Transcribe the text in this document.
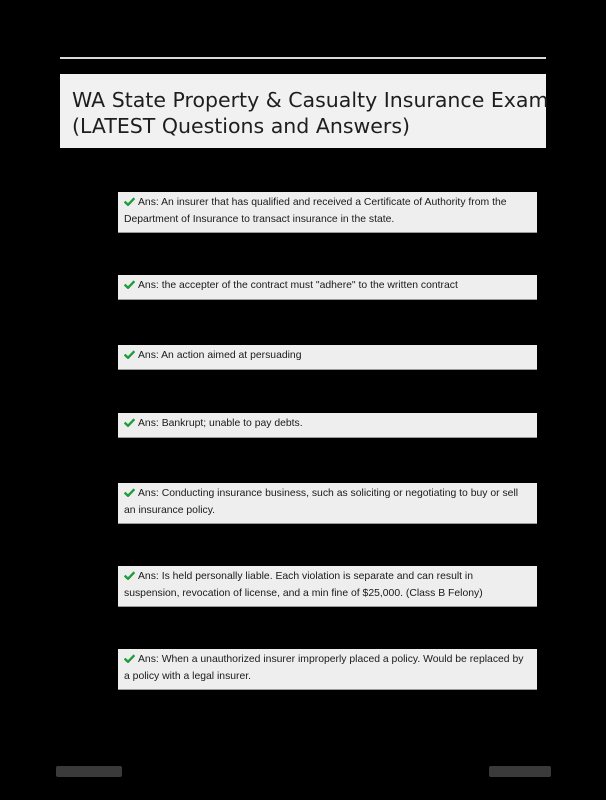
WA State Property & Casualty Insurance Exam
(LATEST Questions and Answers)
Ans: An insurer that has qualified and received a Certificate of Authority from the Department of Insurance to transact insurance in the state.
Ans: the accepter of the contract must "adhere" to the written contract
Ans: An action aimed at persuading
Ans: Bankrupt; unable to pay debts.
Ans: Conducting insurance business, such as soliciting or negotiating to buy or sell an insurance policy.
Ans: Is held personally liable. Each violation is separate and can result in suspension, revocation of license, and a min fine of $25,000. (Class B Felony)
Ans: When a unauthorized insurer improperly placed a policy. Would be replaced by a policy with a legal insurer.
